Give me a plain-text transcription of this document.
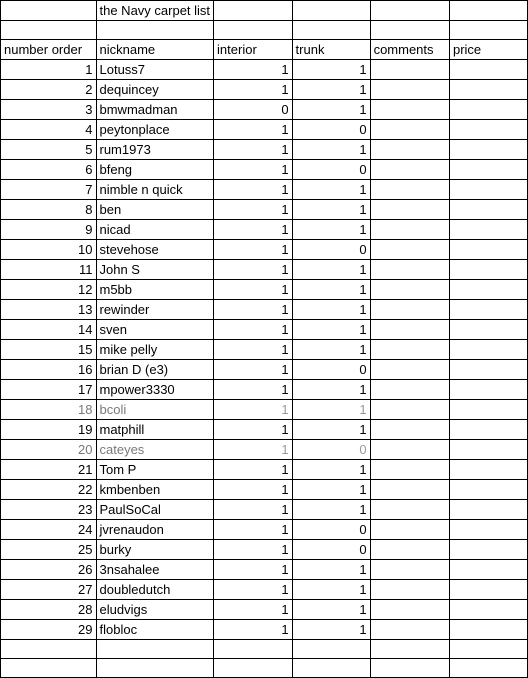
	the Navy carpet list				

number order	nickname	interior	trunk	comments	price
1	Lotuss7	1	1		
2	dequincey	1	1		
3	bmwmadman	0	1		
4	peytonplace	1	0		
5	rum1973	1	1		
6	bfeng	1	0		
7	nimble n quick	1	1		
8	ben	1	1		
9	nicad	1	1		
10	stevehose	1	0		
11	John S	1	1		
12	m5bb	1	1		
13	rewinder	1	1		
14	sven	1	1		
15	mike pelly	1	1		
16	brian D (e3)	1	0		
17	mpower3330	1	1		
18	bcoli	1	1		
19	matphill	1	1		
20	cateyes	1	0		
21	Tom P	1	1		
22	kmbenben	1	1		
23	PaulSoCal	1	1		
24	jvrenaudon	1	0		
25	burky	1	0		
26	3nsahalee	1	1		
27	doubledutch	1	1		
28	eludvigs	1	1		
29	flobloc	1	1		
